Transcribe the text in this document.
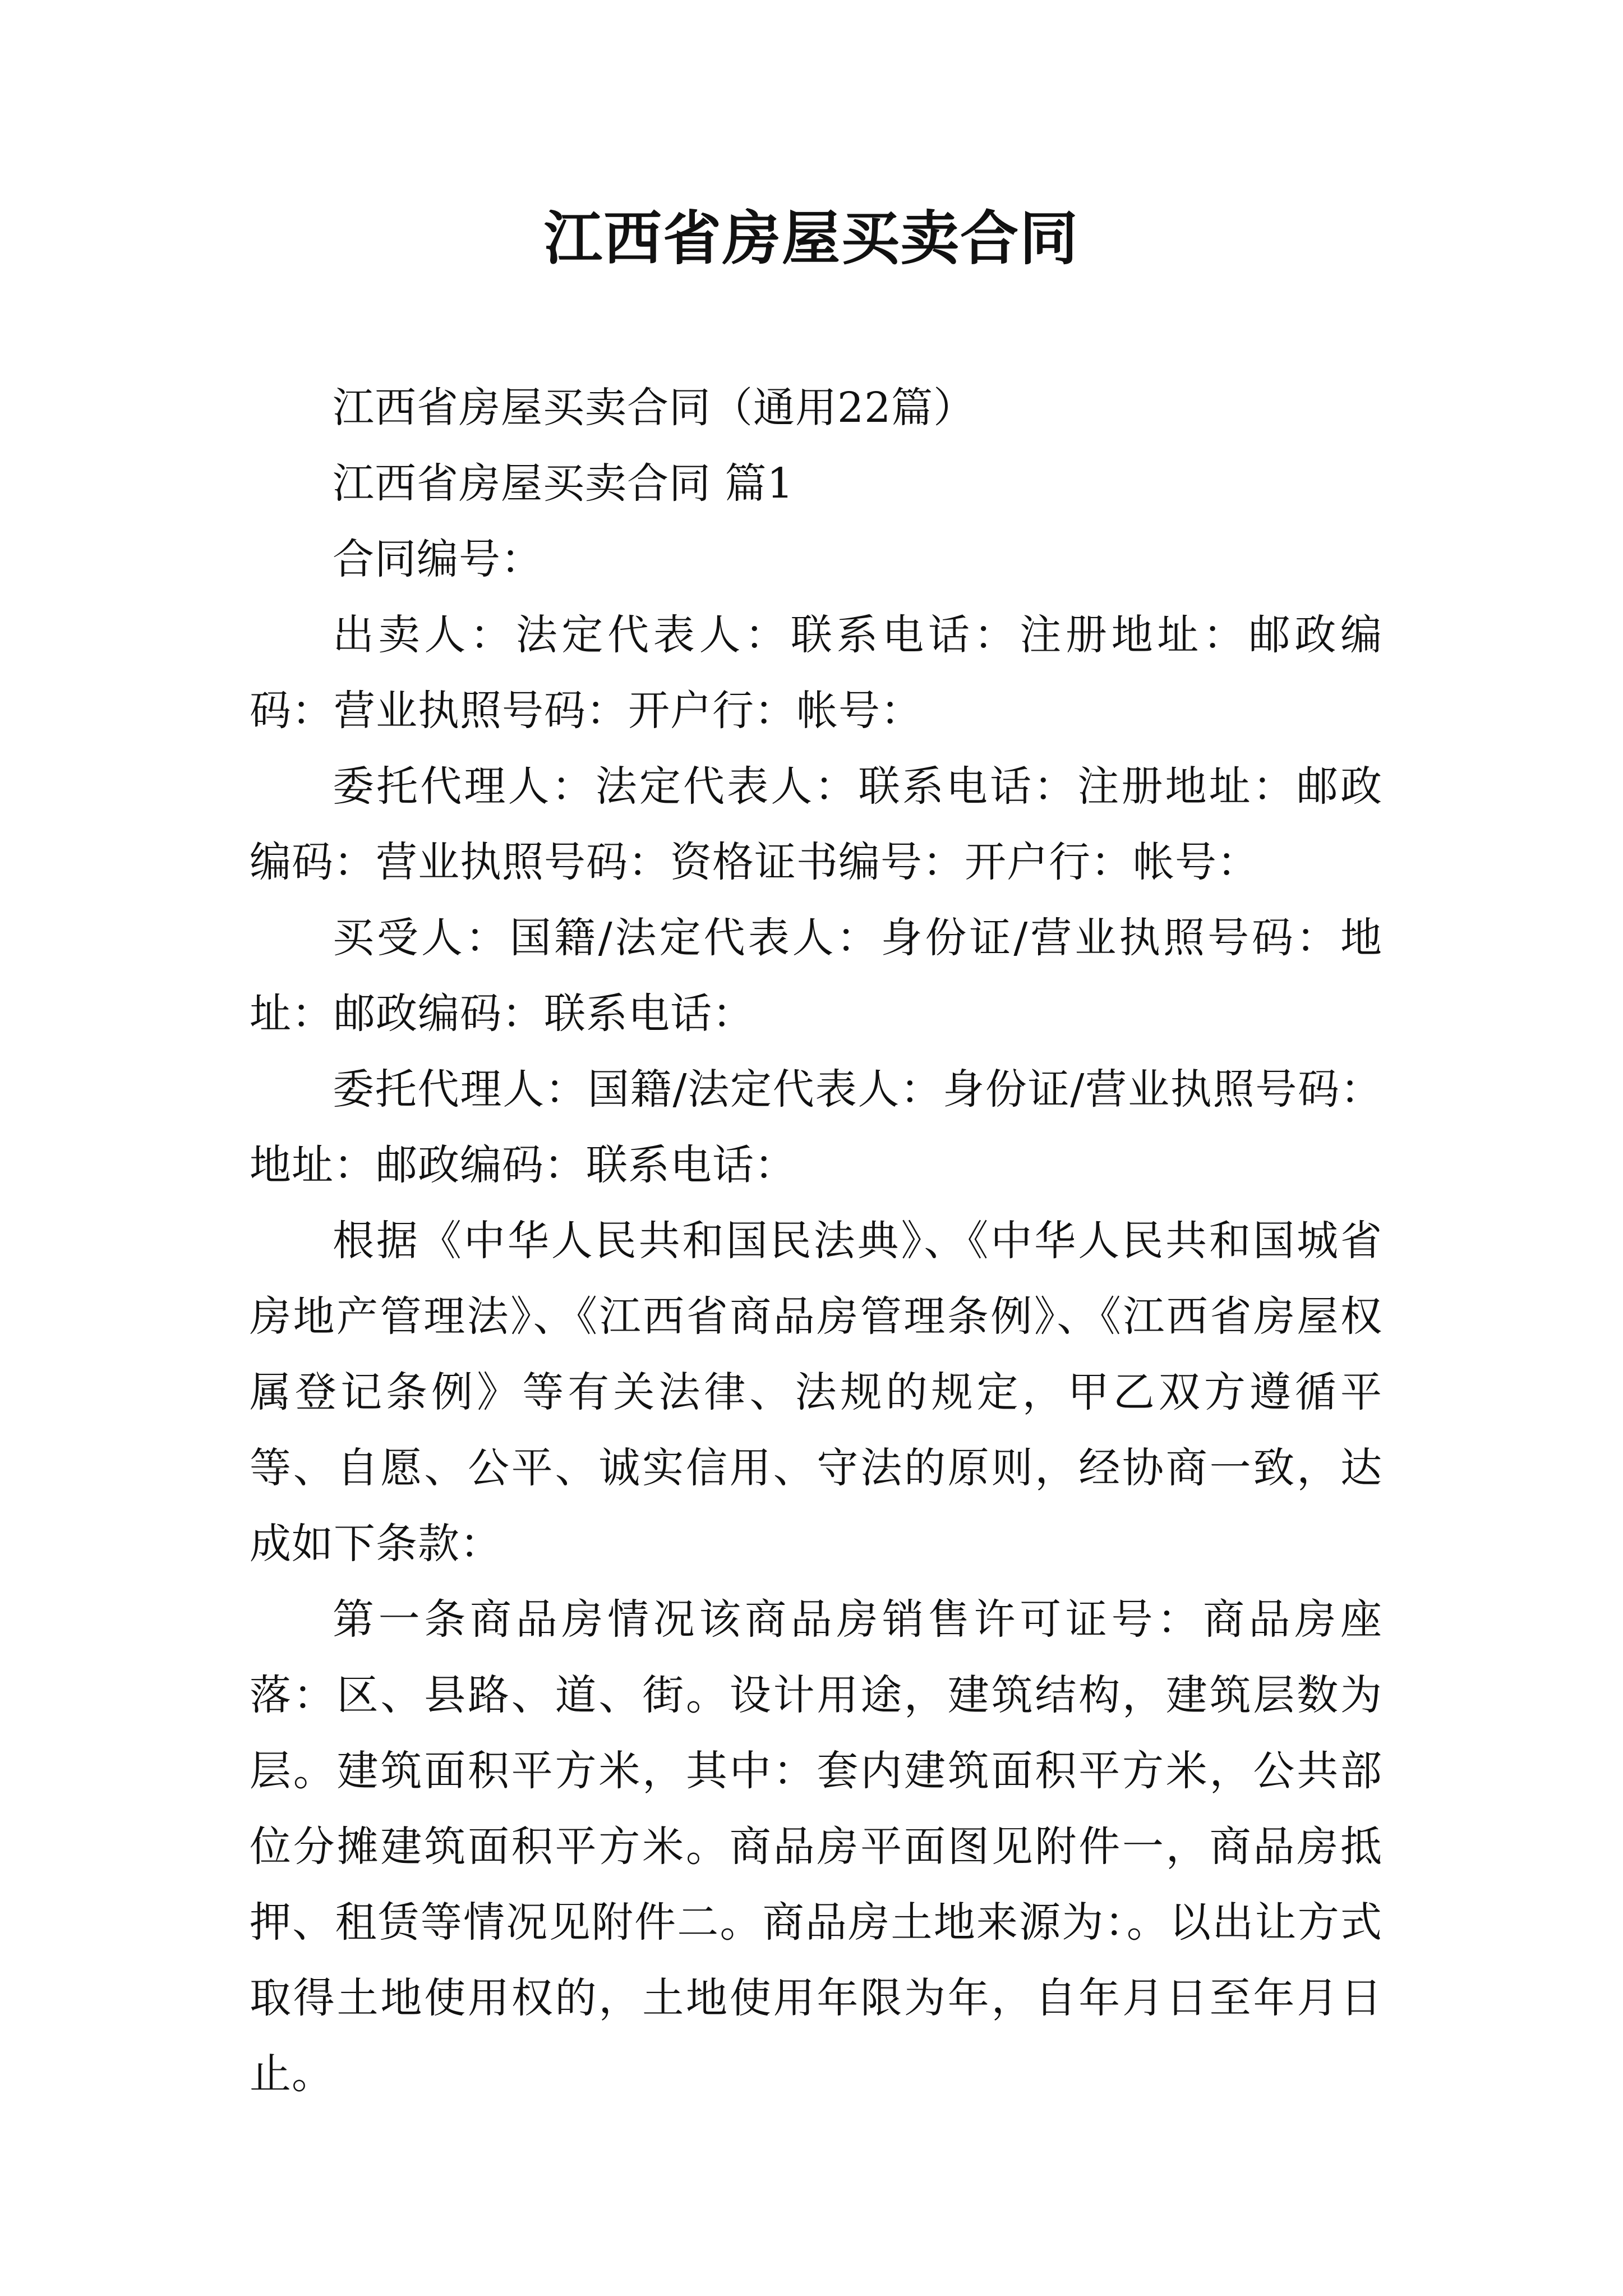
江西省房屋买卖合同

江西省房屋买卖合同（通用22篇）

江西省房屋买卖合同 篇1

合同编号：

出卖人：法定代表人：联系电话：注册地址：邮政编码：营业执照号码：开户行：帐号：

委托代理人：法定代表人：联系电话：注册地址：邮政编码：营业执照号码：资格证书编号：开户行：帐号：

买受人：国籍/法定代表人：身份证/营业执照号码：地址：邮政编码：联系电话：

委托代理人：国籍/法定代表人：身份证/营业执照号码：地址：邮政编码：联系电话：

根据《中华人民共和国民法典》、《中华人民共和国城省房地产管理法》、《江西省商品房管理条例》、《江西省房屋权属登记条例》等有关法律、法规的规定，甲乙双方遵循平等、自愿、公平、诚实信用、守法的原则，经协商一致，达成如下条款：

第一条商品房情况该商品房销售许可证号：商品房座落：区、县路、道、街。设计用途，建筑结构，建筑层数为层。建筑面积平方米，其中：套内建筑面积平方米，公共部位分摊建筑面积平方米。商品房平面图见附件一，商品房抵押、租赁等情况见附件二。商品房土地来源为：。以出让方式取得土地使用权的，土地使用年限为年，自年月日至年月日止。
